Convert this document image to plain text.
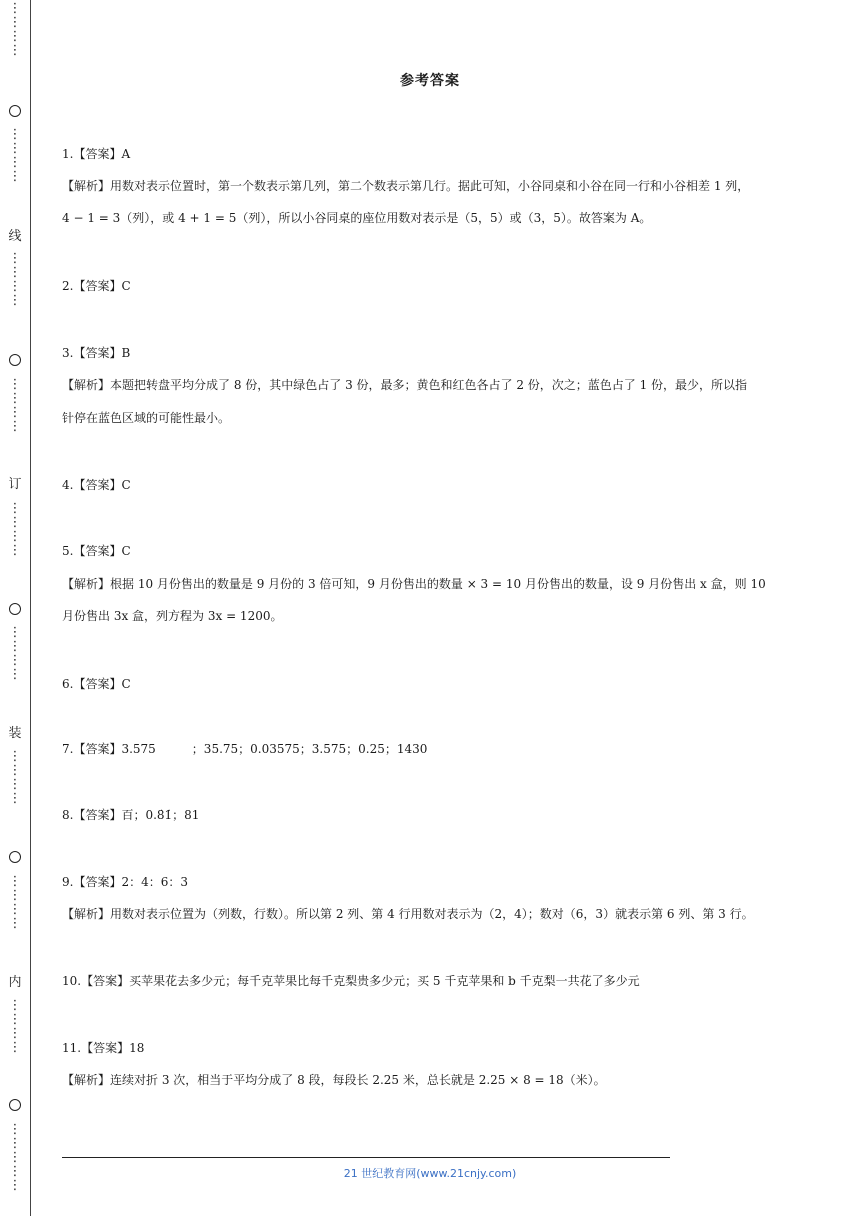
⋮
⋮
⋮
⋮
⋮
⋮
⋮
⋮
线
⋮
⋮
⋮
⋮
⋮
⋮
⋮
⋮
订
⋮
⋮
⋮
⋮
⋮
⋮
⋮
⋮
装
⋮
⋮
⋮
⋮
⋮
⋮
⋮
⋮
内
⋮
⋮
⋮
⋮
⋮
⋮
⋮
⋮
⋮
参考答案
1.【答案】A
【解析】用数对表示位置时，第一个数表示第几列，第二个数表示第几行。据此可知，小谷同桌和小谷在同一行和小谷相差 1 列，
4 − 1 = 3（列），或 4 + 1 = 5（列），所以小谷同桌的座位用数对表示是（5，5）或（3，5）。故答案为 A。
2.【答案】C
3.【答案】B
【解析】本题把转盘平均分成了 8 份，其中绿色占了 3 份，最多；黄色和红色各占了 2 份，次之；蓝色占了 1 份，最少，所以指
针停在蓝色区域的可能性最小。
4.【答案】C
5.【答案】C
【解析】根据 10 月份售出的数量是 9 月份的 3 倍可知，9 月份售出的数量 × 3 = 10 月份售出的数量，设 9 月份售出 x 盒，则 10
月份售出 3x 盒，列方程为 3x = 1200。
6.【答案】C
7.【答案】3.575　　　；35.75；0.03575；3.575；0.25；1430
8.【答案】百；0.8̇1̇；81
9.【答案】2：4：6：3
【解析】用数对表示位置为（列数，行数）。所以第 2 列、第 4 行用数对表示为（2，4）；数对（6，3）就表示第 6 列、第 3 行。
10.【答案】买苹果花去多少元；每千克苹果比每千克梨贵多少元；买 5 千克苹果和 b 千克梨一共花了多少元
11.【答案】18
【解析】连续对折 3 次，相当于平均分成了 8 段，每段长 2.25 米，总长就是 2.25 × 8 = 18（米）。
21 世纪教育网(www.21cnjy.com)
